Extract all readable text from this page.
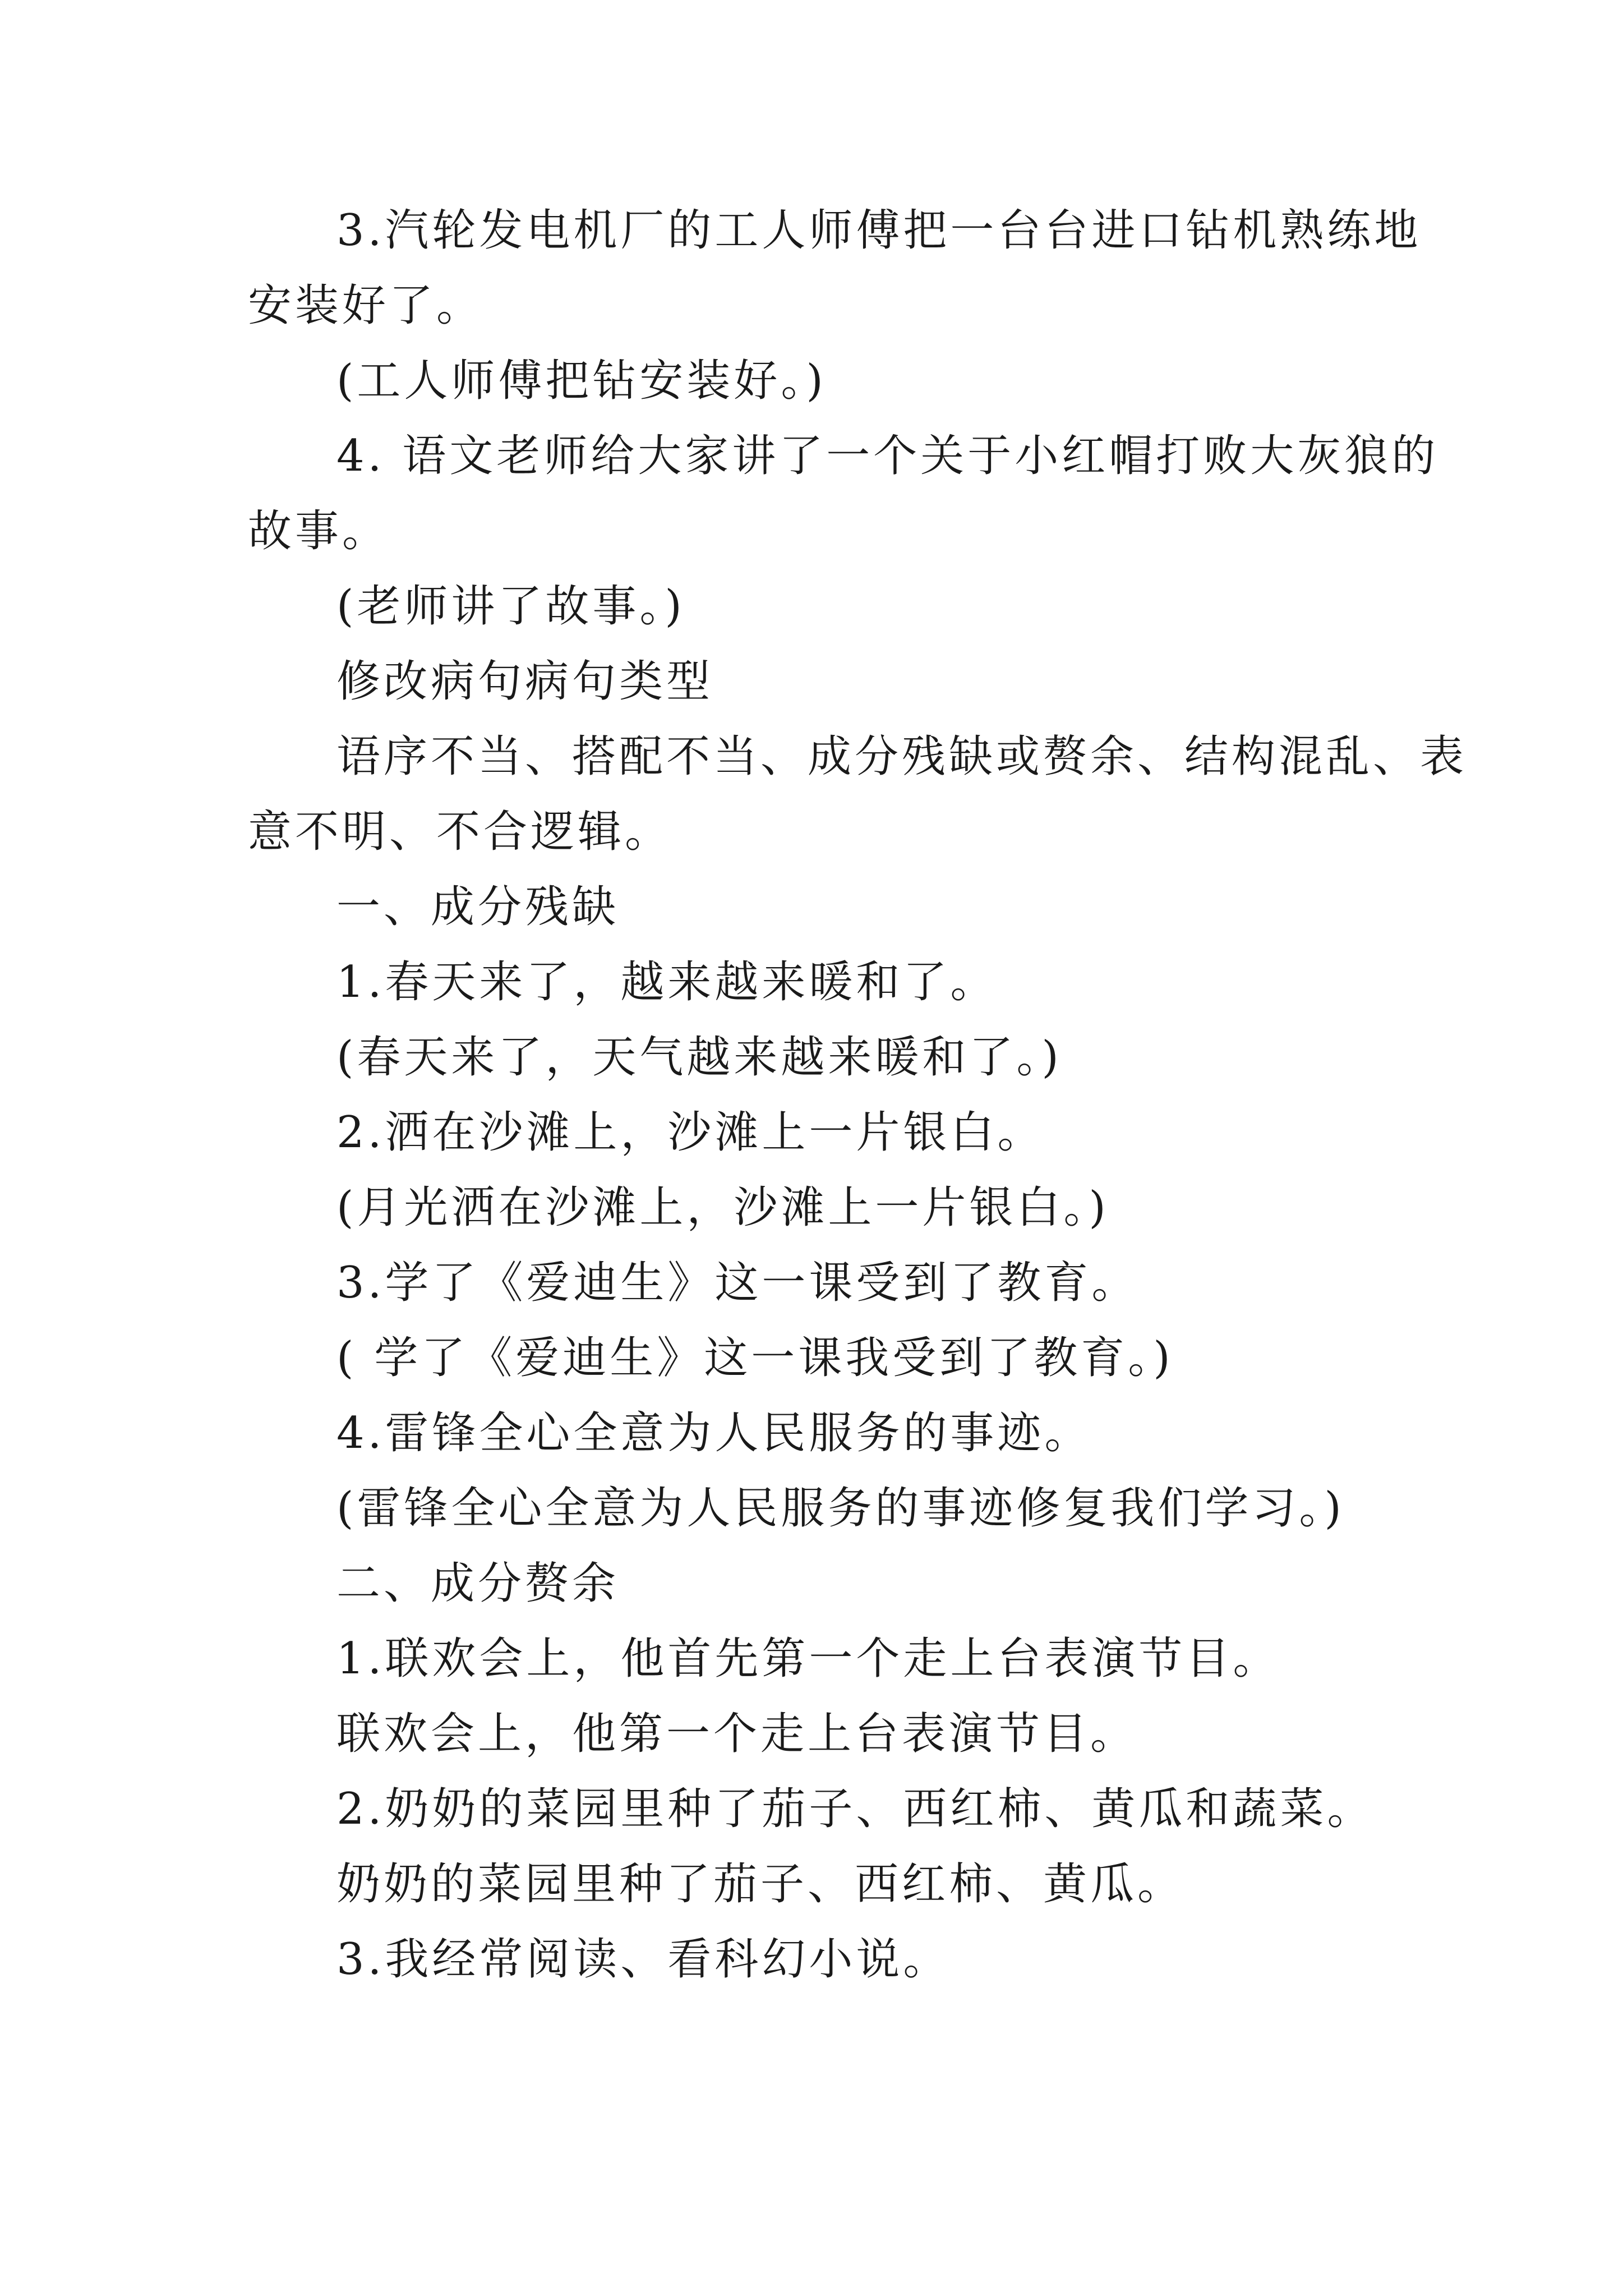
3.汽轮发电机厂的工人师傅把一台台进口钻机熟练地
安装好了。
(工人师傅把钻安装好。)
4. 语文老师给大家讲了一个关于小红帽打败大灰狼的
故事。
(老师讲了故事。)
修改病句病句类型
语序不当、搭配不当、成分残缺或赘余、结构混乱、表
意不明、不合逻辑。
一、成分残缺
1.春天来了，越来越来暖和了。
(春天来了，天气越来越来暖和了。)
2.洒在沙滩上，沙滩上一片银白。
(月光洒在沙滩上，沙滩上一片银白。)
3.学了《爱迪生》这一课受到了教育。
( 学了《爱迪生》这一课我受到了教育。)
4.雷锋全心全意为人民服务的事迹。
(雷锋全心全意为人民服务的事迹修复我们学习。)
二、成分赘余
1.联欢会上，他首先第一个走上台表演节目。
联欢会上，他第一个走上台表演节目。
2.奶奶的菜园里种了茄子、西红柿、黄瓜和蔬菜。
奶奶的菜园里种了茄子、西红柿、黄瓜。
3.我经常阅读、看科幻小说。
